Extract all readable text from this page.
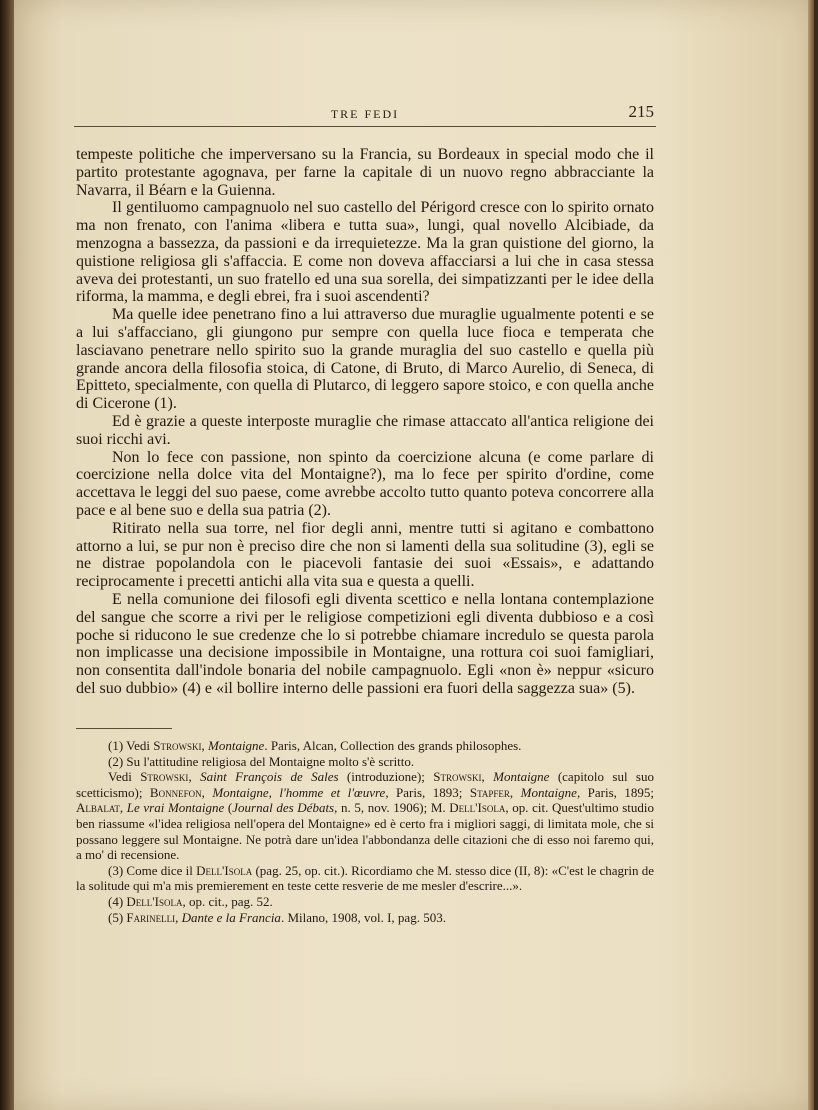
TRE FEDI	215

tempeste politiche che imperversano su la Francia, su Bordeaux in special modo che il partito protestante agognava, per farne la capitale di un nuovo regno abbracciante la Navarra, il Béarn e la Guienna.

Il gentiluomo campagnuolo nel suo castello del Périgord cresce con lo spirito ornato ma non frenato, con l'anima «libera e tutta sua», lungi, qual novello Alcibiade, da menzogna a bassezza, da passioni e da irrequietezze. Ma la gran quistione del giorno, la quistione religiosa gli s'affaccia. E come non doveva affacciarsi a lui che in casa stessa aveva dei protestanti, un suo fratello ed una sua sorella, dei simpatizzanti per le idee della riforma, la mamma, e degli ebrei, fra i suoi ascendenti?

Ma quelle idee penetrano fino a lui attraverso due muraglie ugualmente potenti e se a lui s'affacciano, gli giungono pur sempre con quella luce fioca e temperata che lasciavano penetrare nello spirito suo la grande muraglia del suo castello e quella più grande ancora della filosofia stoica, di Catone, di Bruto, di Marco Aurelio, di Seneca, di Epitteto, specialmente, con quella di Plutarco, di leggero sapore stoico, e con quella anche di Cicerone (1).

Ed è grazie a queste interposte muraglie che rimase attaccato all'antica religione dei suoi ricchi avi.

Non lo fece con passione, non spinto da coercizione alcuna (e come parlare di coercizione nella dolce vita del Montaigne?), ma lo fece per spirito d'ordine, come accettava le leggi del suo paese, come avrebbe accolto tutto quanto poteva concorrere alla pace e al bene suo e della sua patria (2).

Ritirato nella sua torre, nel fior degli anni, mentre tutti si agitano e combattono attorno a lui, se pur non è preciso dire che non si lamenti della sua solitudine (3), egli se ne distrae popolandola con le piacevoli fantasie dei suoi «Essais», e adattando reciprocamente i precetti antichi alla vita sua e questa a quelli.

E nella comunione dei filosofi egli diventa scettico e nella lontana contemplazione del sangue che scorre a rivi per le religiose competizioni egli diventa dubbioso e a così poche si riducono le sue credenze che lo si potrebbe chiamare incredulo se questa parola non implicasse una decisione impossibile in Montaigne, una rottura coi suoi famigliari, non consentita dall'indole bonaria del nobile campagnuolo. Egli «non è» neppur «sicuro del suo dubbio» (4) e «il bollire interno delle passioni era fuori della saggezza sua» (5).

(1) Vedi Strowski, Montaigne. Paris, Alcan, Collection des grands philosophes.

(2) Su l'attitudine religiosa del Montaigne molto s'è scritto.

Vedi Strowski, Saint François de Sales (introduzione); Strowski, Montaigne (capitolo sul suo scetticismo); Bonnefon, Montaigne, l'homme et l'œuvre, Paris, 1893; Stapfer, Montaigne, Paris, 1895; Albalat, Le vrai Montaigne (Journal des Débats, n. 5, nov. 1906); M. Dell'Isola, op. cit. Quest'ultimo studio ben riassume «l'idea religiosa nell'opera del Montaigne» ed è certo fra i migliori saggi, di limitata mole, che si possano leggere sul Montaigne. Ne potrà dare un'idea l'abbondanza delle citazioni che di esso noi faremo qui, a mo' di recensione.

(3) Come dice il Dell'Isola (pag. 25, op. cit.). Ricordiamo che M. stesso dice (II, 8): «C'est le chagrin de la solitude qui m'a mis premierement en teste cette resverie de me mesler d'escrire...».

(4) Dell'Isola, op. cit., pag. 52.

(5) Farinelli, Dante e la Francia. Milano, 1908, vol. I, pag. 503.
